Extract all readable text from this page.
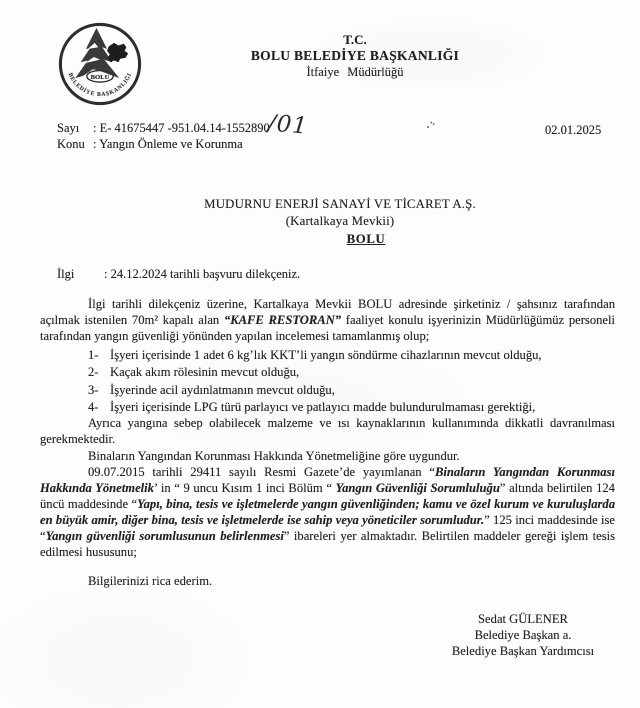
BOLU
BELEDİYE BAŞKANLIĞI
T.C.
BOLU BELEDİYE BAŞKANLIĞI
İtfaiye Müdürlüğü
Sayı	: E- 41675447 -951.04.14-1552890
Konu : Yangın Önleme ve Korunma
/01	02.01.2025
MUDURNU ENERJİ SANAYİ VE TİCARET A.Ş.
(Kartalkaya Mevkii)
BOLU
İlgi	: 24.12.2024 tarihli başvuru dilekçeniz.

İlgi tarihli dilekçeniz üzerine, Kartalkaya Mevkii BOLU adresinde şirketiniz / şahsınız tarafından açılmak istenilen 70m² kapalı alan “KAFE RESTORAN” faaliyet konulu işyerinizin Müdürlüğümüz personeli tarafından yangın güvenliği yönünden yapılan incelemesi tamamlanmış olup;

1- İşyeri içerisinde 1 adet 6 kg’lık KKT’li yangın söndürme cihazlarının mevcut olduğu,
2- Kaçak akım rölesinin mevcut olduğu,
3- İşyerinde acil aydınlatmanın mevcut olduğu,
4- İşyeri içerisinde LPG türü parlayıcı ve patlayıcı madde bulundurulmaması gerektiği,

Ayrıca yangına sebep olabilecek malzeme ve ısı kaynaklarının kullanımında dikkatli davranılması gerekmektedir.

Binaların Yangından Korunması Hakkında Yönetmeliğine göre uygundur.

09.07.2015 tarihli 29411 sayılı Resmi Gazete’de yayımlanan “Binaların Yangından Korunması Hakkında Yönetmelik’ in “ 9 uncu Kısım 1 inci Bölüm “ Yangın Güvenliği Sorumluluğu” altında belirtilen 124 üncü maddesinde “Yapı, bina, tesis ve işletmelerde yangın güvenliğinden; kamu ve özel kurum ve kuruluşlarda en büyük amir, diğer bina, tesis ve işletmelerde ise sahip veya yöneticiler sorumludur.” 125 inci maddesinde ise “Yangın güvenliği sorumlusunun belirlenmesi” ibareleri yer almaktadır. Belirtilen maddeler gereği işlem tesis edilmesi hususunu;

Bilgilerinizi rica ederim.

Sedat GÜLENER
Belediye Başkan a.
Belediye Başkan Yardımcısı
